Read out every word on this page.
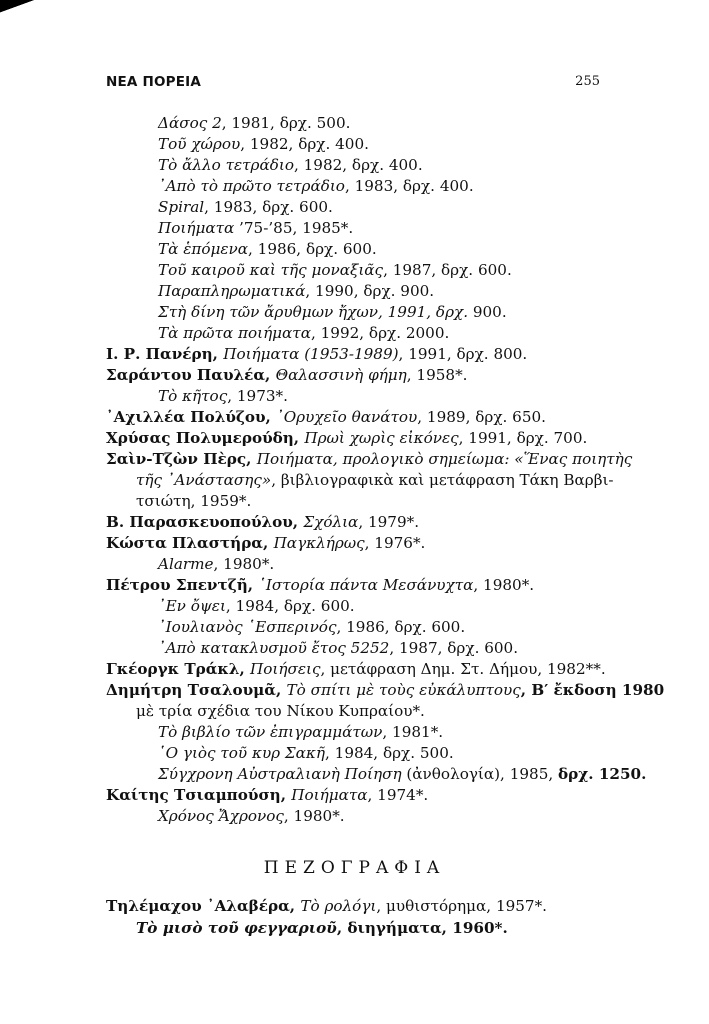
ΝΕΑ ΠΟΡΕΙΑ	255
Δάσος 2, 1981, δρχ. 500.
Τοῦ χώρου, 1982, δρχ. 400.
Τὸ ἄλλο τετράδιο, 1982, δρχ. 400.
᾿Απὸ τὸ πρῶτο τετράδιο, 1983, δρχ. 400.
Spiral, 1983, δρχ. 600.
Ποιήματα ’75-’85, 1985*.
Τὰ ἑπόμενα, 1986, δρχ. 600.
Τοῦ καιροῦ καὶ τῆς μοναξιᾶς, 1987, δρχ. 600.
Παραπληρωματικά, 1990, δρχ. 900.
Στὴ δίνη τῶν ἄρυθμων ἤχων, 1991, δρχ. 900.
Τὰ πρῶτα ποιήματα, 1992, δρχ. 2000.
Ι. Ρ. Πανέρη, Ποιήματα (1953-1989), 1991, δρχ. 800.
Σαράντου Παυλέα, Θαλασσινὴ φήμη, 1958*.
Τὸ κῆτος, 1973*.
᾿Αχιλλέα Πολύζου, ᾿Ορυχεῖο θανάτου, 1989, δρχ. 650.
Χρύσας Πολυμερούδη, Πρωὶ χωρὶς εἰκόνες, 1991, δρχ. 700.
Σαὶν-Τζὼν Πὲρς, Ποιήματα, προλογικὸ σημείωμα: «Ἕνας ποιητὴς
τῆς ᾿Ανάστασης», βιβλιογραφικὰ καὶ μετάφραση Τάκη Βαρβι-
τσιώτη, 1959*.
Β. Παρασκευοπούλου, Σχόλια, 1979*.
Κώστα Πλαστήρα, Παγκλήρως, 1976*.
Alarme, 1980*.
Πέτρου Σπεντζῆ, ῾Ιστορία πάντα Μεσάνυχτα, 1980*.
᾿Εν ὄψει, 1984, δρχ. 600.
᾿Ιουλιανὸς ῾Εσπερινός, 1986, δρχ. 600.
᾿Απὸ κατακλυσμοῦ ἔτος 5252, 1987, δρχ. 600.
Γκέοργκ Τράκλ, Ποιήσεις, μετάφραση Δημ. Στ. Δήμου, 1982**.
Δημήτρη Τσαλουμᾶ, Τὸ σπίτι μὲ τοὺς εὐκάλυπτους, Β′ ἔκδοση 1980
μὲ τρία σχέδια του Νίκου Κυπραίου*.
Τὸ βιβλίο τῶν ἐπιγραμμάτων, 1981*.
῾Ο γιὸς τοῦ κυρ Σακῆ, 1984, δρχ. 500.
Σύγχρονη Αὐστραλιανὴ Ποίηση (ἀνθολογία), 1985, δρχ. 1250.
Καίτης Τσιαμπούση, Ποιήματα, 1974*.
Χρόνος Ἄχρονος, 1980*.
ΠΕΖΟΓΡΑΦΙΑ
Τηλέμαχου ᾿Αλαβέρα, Τὸ ρολόγι, μυθιστόρημα, 1957*.
Τὸ μισὸ τοῦ φεγγαριοῦ, διηγήματα, 1960*.
